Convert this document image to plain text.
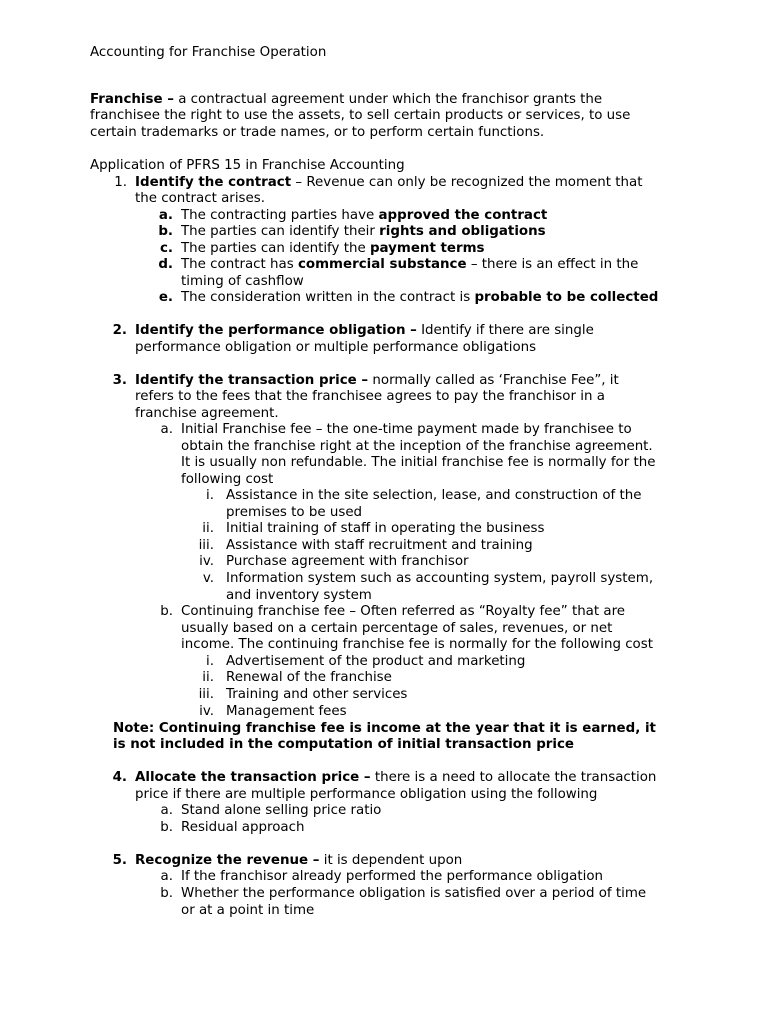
Accounting for Franchise Operation
Franchise – a contractual agreement under which the franchisor grants the
franchisee the right to use the assets, to sell certain products or services, to use
certain trademarks or trade names, or to perform certain functions.
Application of PFRS 15 in Franchise Accounting
1. Identify the contract – Revenue can only be recognized the moment that
the contract arises.
a. The contracting parties have approved the contract
b. The parties can identify their rights and obligations
c. The parties can identify the payment terms
d. The contract has commercial substance – there is an effect in the
timing of cashflow
e. The consideration written in the contract is probable to be collected
2. Identify the performance obligation – Identify if there are single
performance obligation or multiple performance obligations
3. Identify the transaction price – normally called as ‘Franchise Fee”, it
refers to the fees that the franchisee agrees to pay the franchisor in a
franchise agreement.
a. Initial Franchise fee – the one-time payment made by franchisee to
obtain the franchise right at the inception of the franchise agreement.
It is usually non refundable. The initial franchise fee is normally for the
following cost
i. Assistance in the site selection, lease, and construction of the
premises to be used
ii. Initial training of staff in operating the business
iii. Assistance with staff recruitment and training
iv. Purchase agreement with franchisor
v. Information system such as accounting system, payroll system,
and inventory system
b. Continuing franchise fee – Often referred as “Royalty fee” that are
usually based on a certain percentage of sales, revenues, or net
income. The continuing franchise fee is normally for the following cost
i. Advertisement of the product and marketing
ii. Renewal of the franchise
iii. Training and other services
iv. Management fees
Note: Continuing franchise fee is income at the year that it is earned, it
is not included in the computation of initial transaction price
4. Allocate the transaction price – there is a need to allocate the transaction
price if there are multiple performance obligation using the following
a. Stand alone selling price ratio
b. Residual approach
5. Recognize the revenue – it is dependent upon
a. If the franchisor already performed the performance obligation
b. Whether the performance obligation is satisfied over a period of time
or at a point in time
